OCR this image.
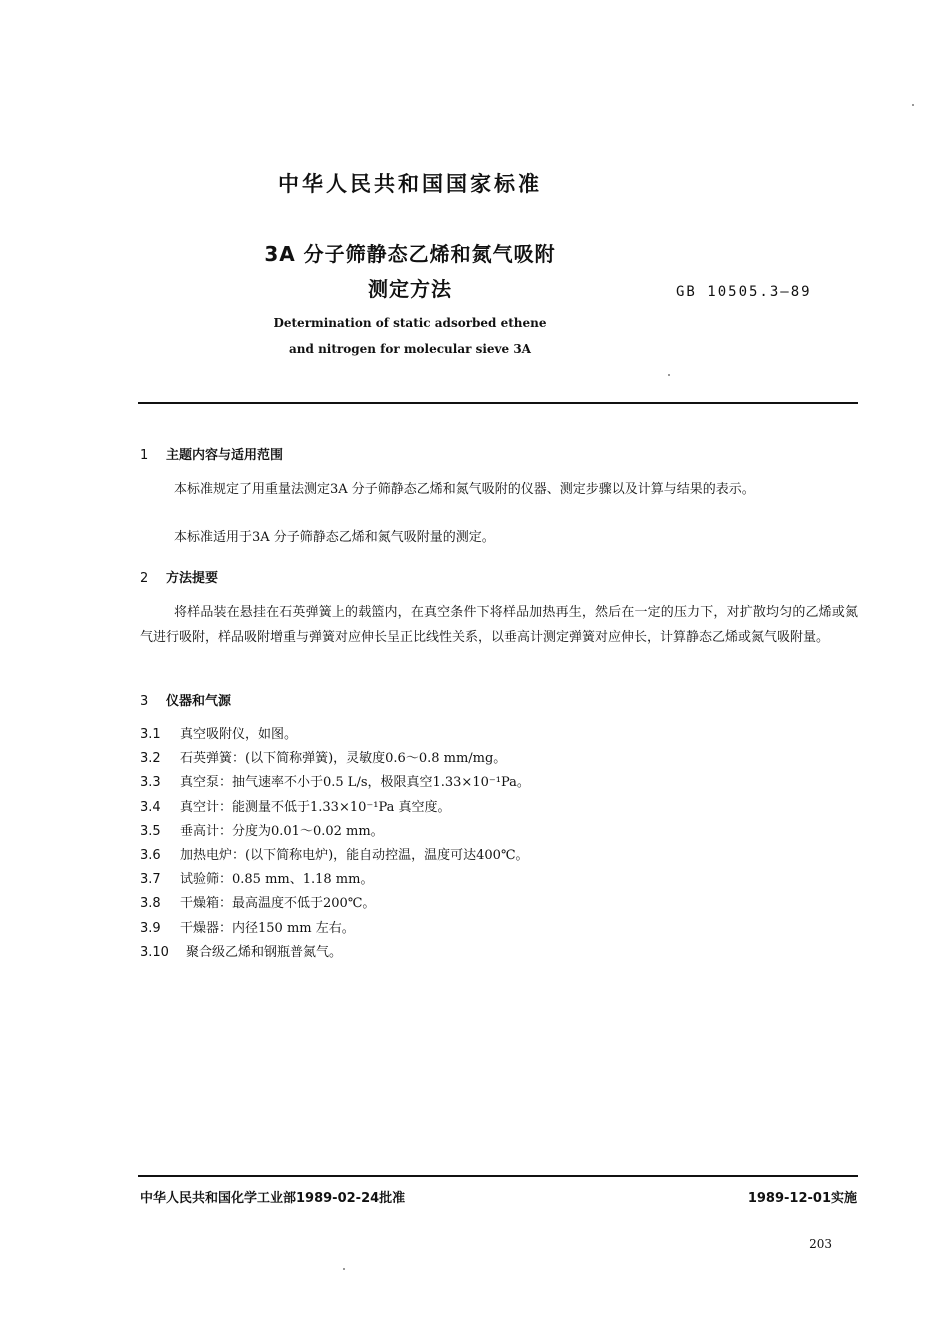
中华人民共和国国家标准
3A 分子筛静态乙烯和氮气吸附
测定方法	GB 10505.3—89
Determination of static adsorbed ethene
and nitrogen for molecular sieve 3A
1 主题内容与适用范围
本标准规定了用重量法测定3A 分子筛静态乙烯和氮气吸附的仪器、测定步骤以及计算与结果的表示。
本标准适用于3A 分子筛静态乙烯和氮气吸附量的测定。
2 方法提要
将样品装在悬挂在石英弹簧上的载篮内，在真空条件下将样品加热再生，然后在一定的压力下，对扩散均匀的乙烯或氮气进行吸附，样品吸附增重与弹簧对应伸长呈正比线性关系，以垂高计测定弹簧对应伸长，计算静态乙烯或氮气吸附量。
3 仪器和气源
3.1 真空吸附仪，如图。
3.2 石英弹簧：(以下简称弹簧)，灵敏度0.6～0.8 mm/mg。
3.3 真空泵：抽气速率不小于0.5 L/s，极限真空1.33×10⁻¹Pa。
3.4 真空计：能测量不低于1.33×10⁻¹Pa 真空度。
3.5 垂高计：分度为0.01～0.02 mm。
3.6 加热电炉：(以下简称电炉)，能自动控温，温度可达400℃。
3.7 试验筛：0.85 mm、1.18 mm。
3.8 干燥箱：最高温度不低于200℃。
3.9 干燥器：内径150 mm 左右。
3.10 聚合级乙烯和钢瓶普氮气。
中华人民共和国化学工业部1989-02-24批准	1989-12-01实施
203
